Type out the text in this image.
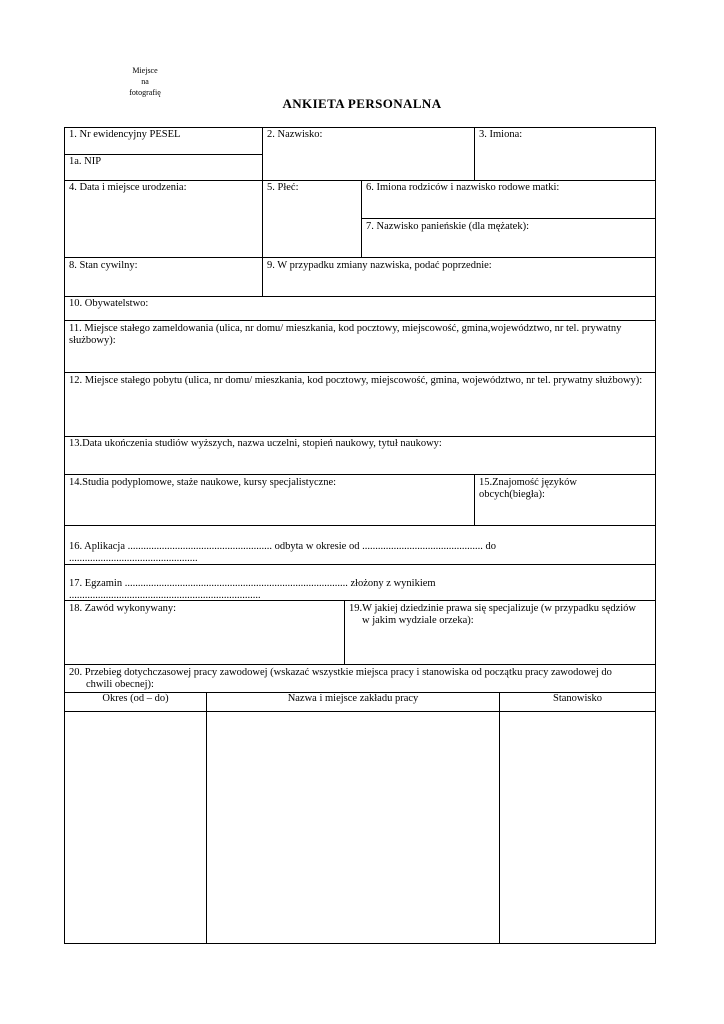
Miejsce
na
fotografię
ANKIETA PERSONALNA
1. Nr ewidencyjny PESEL
1a. NIP
2. Nazwisko:	3. Imiona:
4. Data i miejsce urodzenia:	5. Płeć:	6. Imiona rodziców i nazwisko rodowe matki:
7. Nazwisko panieńskie (dla mężatek):
8. Stan cywilny:	9. W przypadku zmiany nazwiska, podać poprzednie:
10. Obywatelstwo:
11. Miejsce stałego zameldowania (ulica, nr domu/ mieszkania, kod pocztowy, miejscowość, gmina,województwo, nr tel. prywatny służbowy):
12. Miejsce stałego pobytu (ulica, nr domu/ mieszkania, kod pocztowy, miejscowość, gmina, województwo, nr tel. prywatny służbowy):
13.Data ukończenia studiów wyższych, nazwa uczelni, stopień naukowy, tytuł naukowy:
14.Studia podyplomowe, staże naukowe, kursy specjalistyczne:	15.Znajomość języków obcych(biegła):
16. Aplikacja ....................................................... odbyta w okresie od .............................................. do
.................................................
17. Egzamin ..................................................................................... złożony z wynikiem
.........................................................................
18. Zawód wykonywany:	19.W jakiej dziedzinie prawa się specjalizuje (w przypadku sędziów
w jakim wydziale orzeka):
20. Przebieg dotychczasowej pracy zawodowej (wskazać wszystkie miejsca pracy i stanowiska od początku pracy zawodowej do
chwili obecnej):
Okres (od – do)	Nazwa i miejsce zakładu pracy	Stanowisko
